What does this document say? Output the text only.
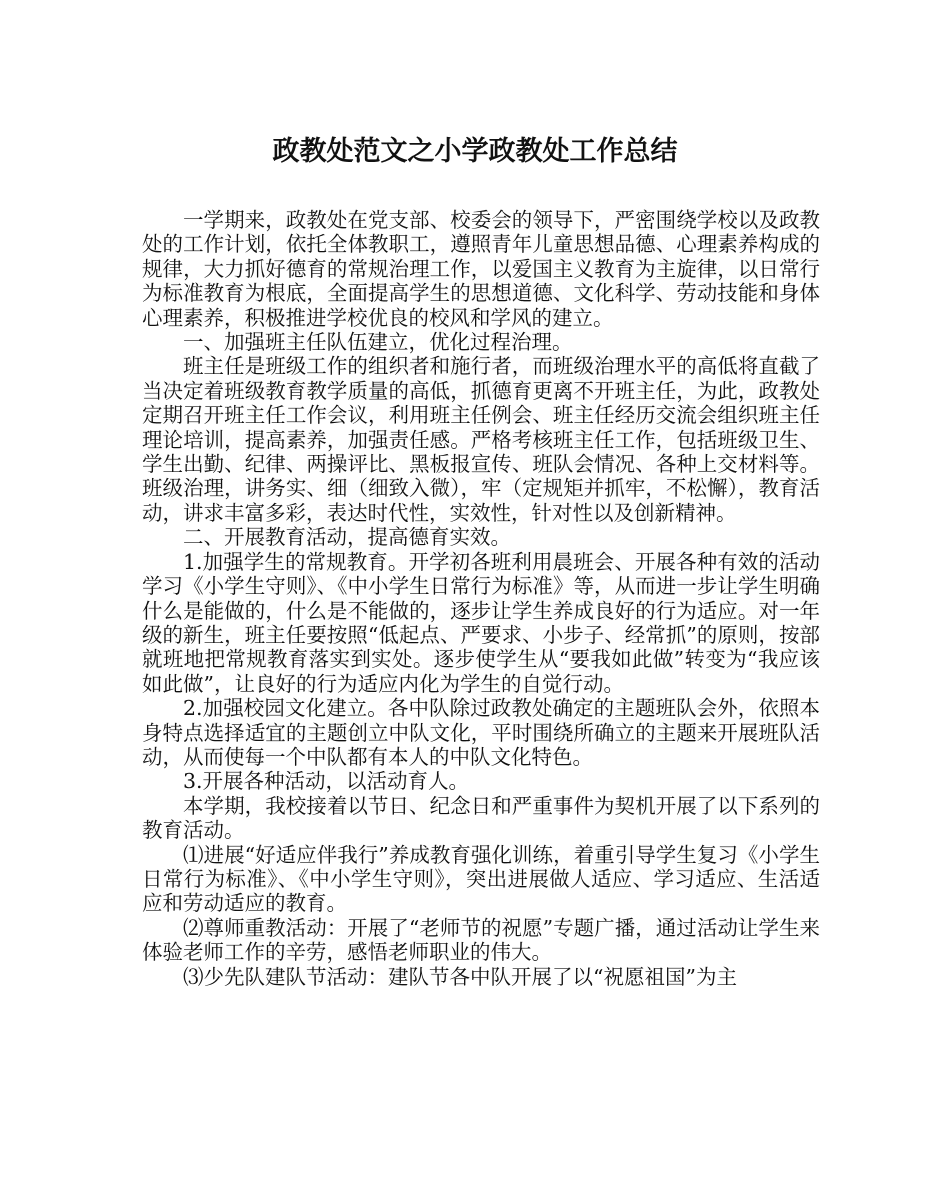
政教处范文之小学政教处工作总结

一学期来，政教处在党支部、校委会的领导下，严密围绕学校以及政教处的工作计划，依托全体教职工，遵照青年儿童思想品德、心理素养构成的规律，大力抓好德育的常规治理工作，以爱国主义教育为主旋律，以日常行为标准教育为根底，全面提高学生的思想道德、文化科学、劳动技能和身体心理素养，积极推进学校优良的校风和学风的建立。

一、加强班主任队伍建立，优化过程治理。

班主任是班级工作的组织者和施行者，而班级治理水平的高低将直截了当决定着班级教育教学质量的高低，抓德育更离不开班主任，为此，政教处定期召开班主任工作会议，利用班主任例会、班主任经历交流会组织班主任理论培训，提高素养，加强责任感。严格考核班主任工作，包括班级卫生、学生出勤、纪律、两操评比、黑板报宣传、班队会情况、各种上交材料等。班级治理，讲务实、细（细致入微），牢（定规矩并抓牢，不松懈），教育活动，讲求丰富多彩，表达时代性，实效性，针对性以及创新精神。

二、开展教育活动，提高德育实效。

1.加强学生的常规教育。开学初各班利用晨班会、开展各种有效的活动学习《小学生守则》、《中小学生日常行为标准》等，从而进一步让学生明确什么是能做的，什么是不能做的，逐步让学生养成良好的行为适应。对一年级的新生，班主任要按照“低起点、严要求、小步子、经常抓”的原则，按部就班地把常规教育落实到实处。逐步使学生从“要我如此做”转变为“我应该如此做”，让良好的行为适应内化为学生的自觉行动。

2.加强校园文化建立。各中队除过政教处确定的主题班队会外，依照本身特点选择适宜的主题创立中队文化，平时围绕所确立的主题来开展班队活动，从而使每一个中队都有本人的中队文化特色。

3.开展各种活动，以活动育人。

本学期，我校接着以节日、纪念日和严重事件为契机开展了以下系列的教育活动。

⑴进展“好适应伴我行”养成教育强化训练，着重引导学生复习《小学生日常行为标准》、《中小学生守则》，突出进展做人适应、学习适应、生活适应和劳动适应的教育。

⑵尊师重教活动：开展了“老师节的祝愿”专题广播，通过活动让学生来体验老师工作的辛劳，感悟老师职业的伟大。

⑶少先队建队节活动：建队节各中队开展了以“祝愿祖国”为主
